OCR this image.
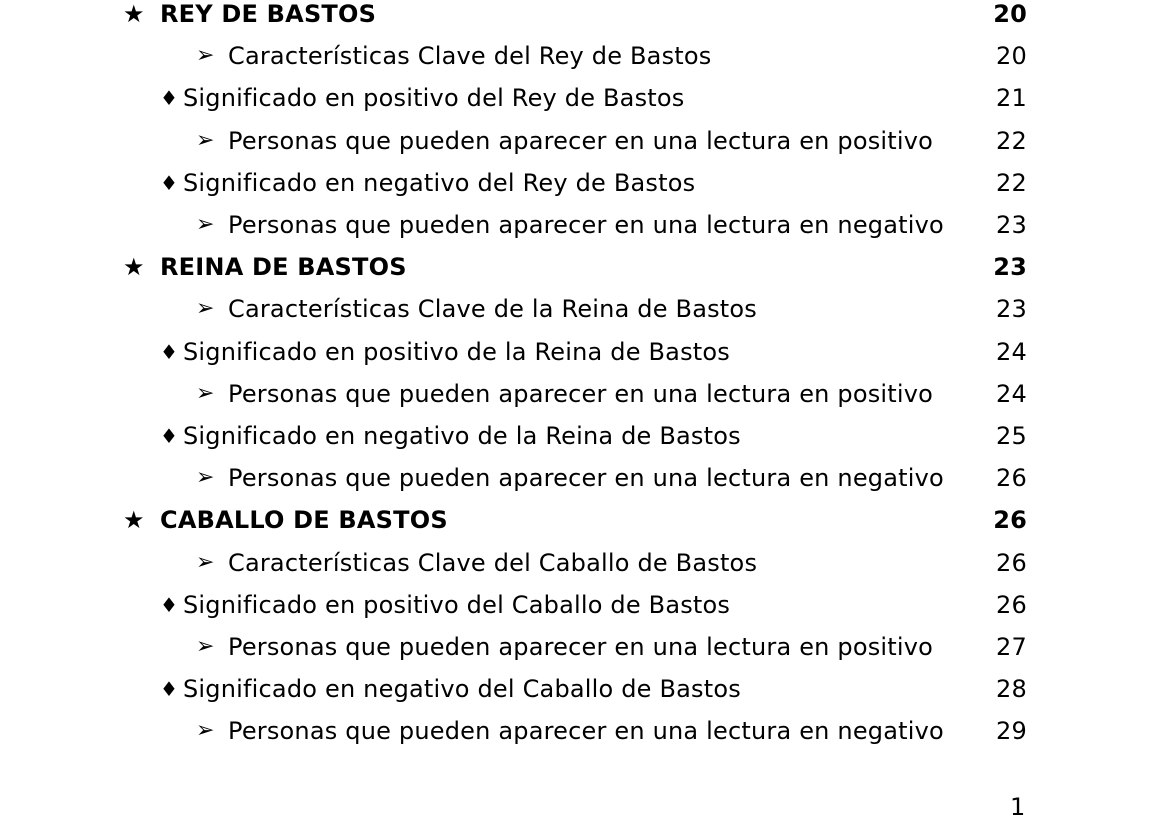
★ REY DE BASTOS	20
➢ Características Clave del Rey de Bastos	20
♦ Significado en positivo del Rey de Bastos	21
➢ Personas que pueden aparecer en una lectura en positivo	22
♦ Significado en negativo del Rey de Bastos	22
➢ Personas que pueden aparecer en una lectura en negativo 23
★ REINA DE BASTOS	23
➢ Características Clave de la Reina de Bastos	23
♦ Significado en positivo de la Reina de Bastos	24
➢ Personas que pueden aparecer en una lectura en positivo	24
♦ Significado en negativo de la Reina de Bastos	25
➢ Personas que pueden aparecer en una lectura en negativo 26
★ CABALLO DE BASTOS	26
➢ Características Clave del Caballo de Bastos	26
♦ Significado en positivo del Caballo de Bastos	26
➢ Personas que pueden aparecer en una lectura en positivo	27
♦ Significado en negativo del Caballo de Bastos	28
➢ Personas que pueden aparecer en una lectura en negativo 29
1
